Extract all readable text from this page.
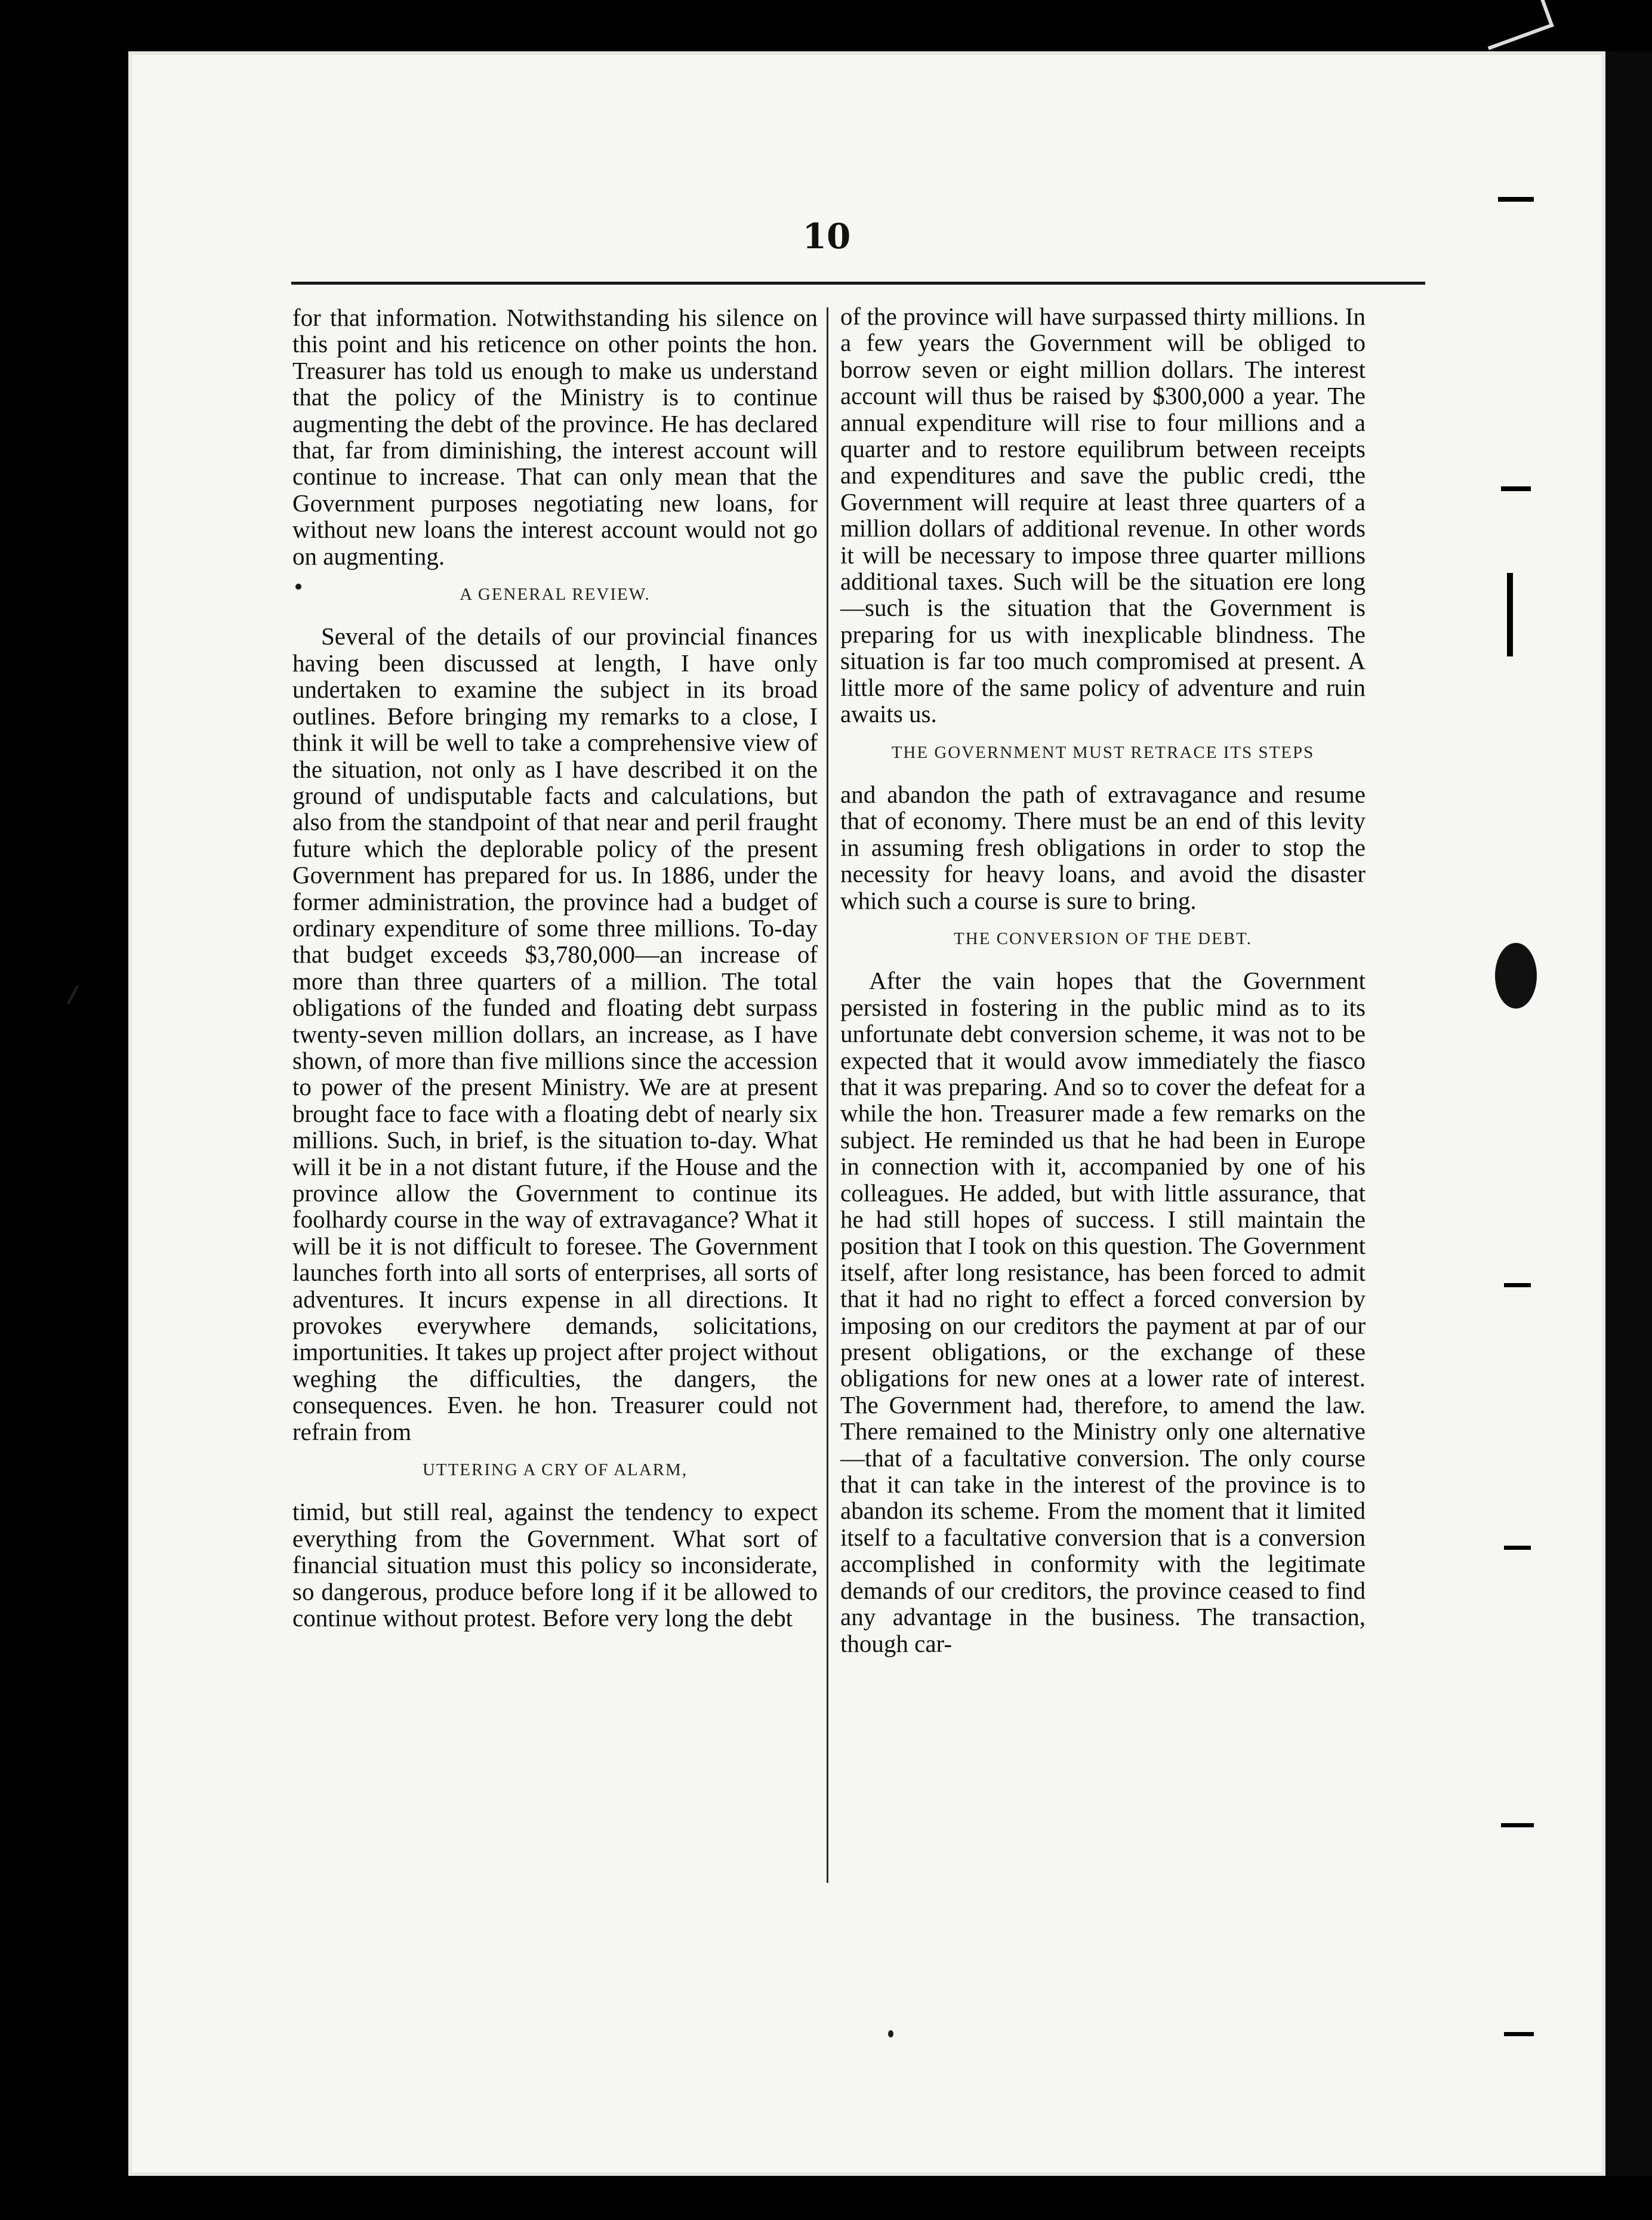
10

for that information. Notwithstanding his silence on this point and his reticence on other points the hon. Treasurer has told us enough to make us understand that the policy of the Ministry is to continue augmenting the debt of the province. He has declared that, far from diminishing, the interest account will continue to increase. That can only mean that the Government purposes negotiating new loans, for without new loans the interest account would not go on augmenting.

A GENERAL REVIEW.

Several of the details of our provincial finances having been discussed at length, I have only undertaken to examine the subject in its broad outlines. Before bringing my remarks to a close, I think it will be well to take a comprehensive view of the situation, not only as I have described it on the ground of undisputable facts and calculations, but also from the standpoint of that near and peril fraught future which the deplorable policy of the present Government has prepared for us. In 1886, under the former administration, the province had a budget of ordinary expenditure of some three millions. To-day that budget exceeds $3,780,000—an increase of more than three quarters of a million. The total obligations of the funded and floating debt surpass twenty-seven million dollars, an increase, as I have shown, of more than five millions since the accession to power of the present Ministry. We are at present brought face to face with a floating debt of nearly six millions. Such, in brief, is the situation to-day. What will it be in a not distant future, if the House and the province allow the Government to continue its foolhardy course in the way of extravagance? What it will be it is not difficult to foresee. The Government launches forth into all sorts of enterprises, all sorts of adventures. It incurs expense in all directions. It provokes everywhere demands, solicitations, importunities. It takes up project after project without weghing the difficulties, the dangers, the consequences. Even. he hon. Treasurer could not refrain from

UTTERING A CRY OF ALARM,

timid, but still real, against the tendency to expect everything from the Government. What sort of financial situation must this policy so inconsiderate, so dangerous, produce before long if it be allowed to continue without protest. Before very long the debt

of the province will have surpassed thirty millions. In a few years the Government will be obliged to borrow seven or eight million dollars. The interest account will thus be raised by $300,000 a year. The annual expenditure will rise to four millions and a quarter and to restore equilibrum between receipts and expenditures and save the public credi, tthe Government will require at least three quarters of a million dollars of additional revenue. In other words it will be necessary to impose three quarter millions additional taxes. Such will be the situation ere long—such is the situation that the Government is preparing for us with inexplicable blindness. The situation is far too much compromised at present. A little more of the same policy of adventure and ruin awaits us.

THE GOVERNMENT MUST RETRACE ITS STEPS

and abandon the path of extravagance and resume that of economy. There must be an end of this levity in assuming fresh obligations in order to stop the necessity for heavy loans, and avoid the disaster which such a course is sure to bring.

THE CONVERSION OF THE DEBT.

After the vain hopes that the Government persisted in fostering in the public mind as to its unfortunate debt conversion scheme, it was not to be expected that it would avow immediately the fiasco that it was preparing. And so to cover the defeat for a while the hon. Treasurer made a few remarks on the subject. He reminded us that he had been in Europe in connection with it, accompanied by one of his colleagues. He added, but with little assurance, that he had still hopes of success. I still maintain the position that I took on this question. The Government itself, after long resistance, has been forced to admit that it had no right to effect a forced conversion by imposing on our creditors the payment at par of our present obligations, or the exchange of these obligations for new ones at a lower rate of interest. The Government had, therefore, to amend the law. There remained to the Ministry only one alternative—that of a facultative conversion. The only course that it can take in the interest of the province is to abandon its scheme. From the moment that it limited itself to a facultative conversion that is a conversion accomplished in conformity with the legitimate demands of our creditors, the province ceased to find any advantage in the business. The transaction, though car-
